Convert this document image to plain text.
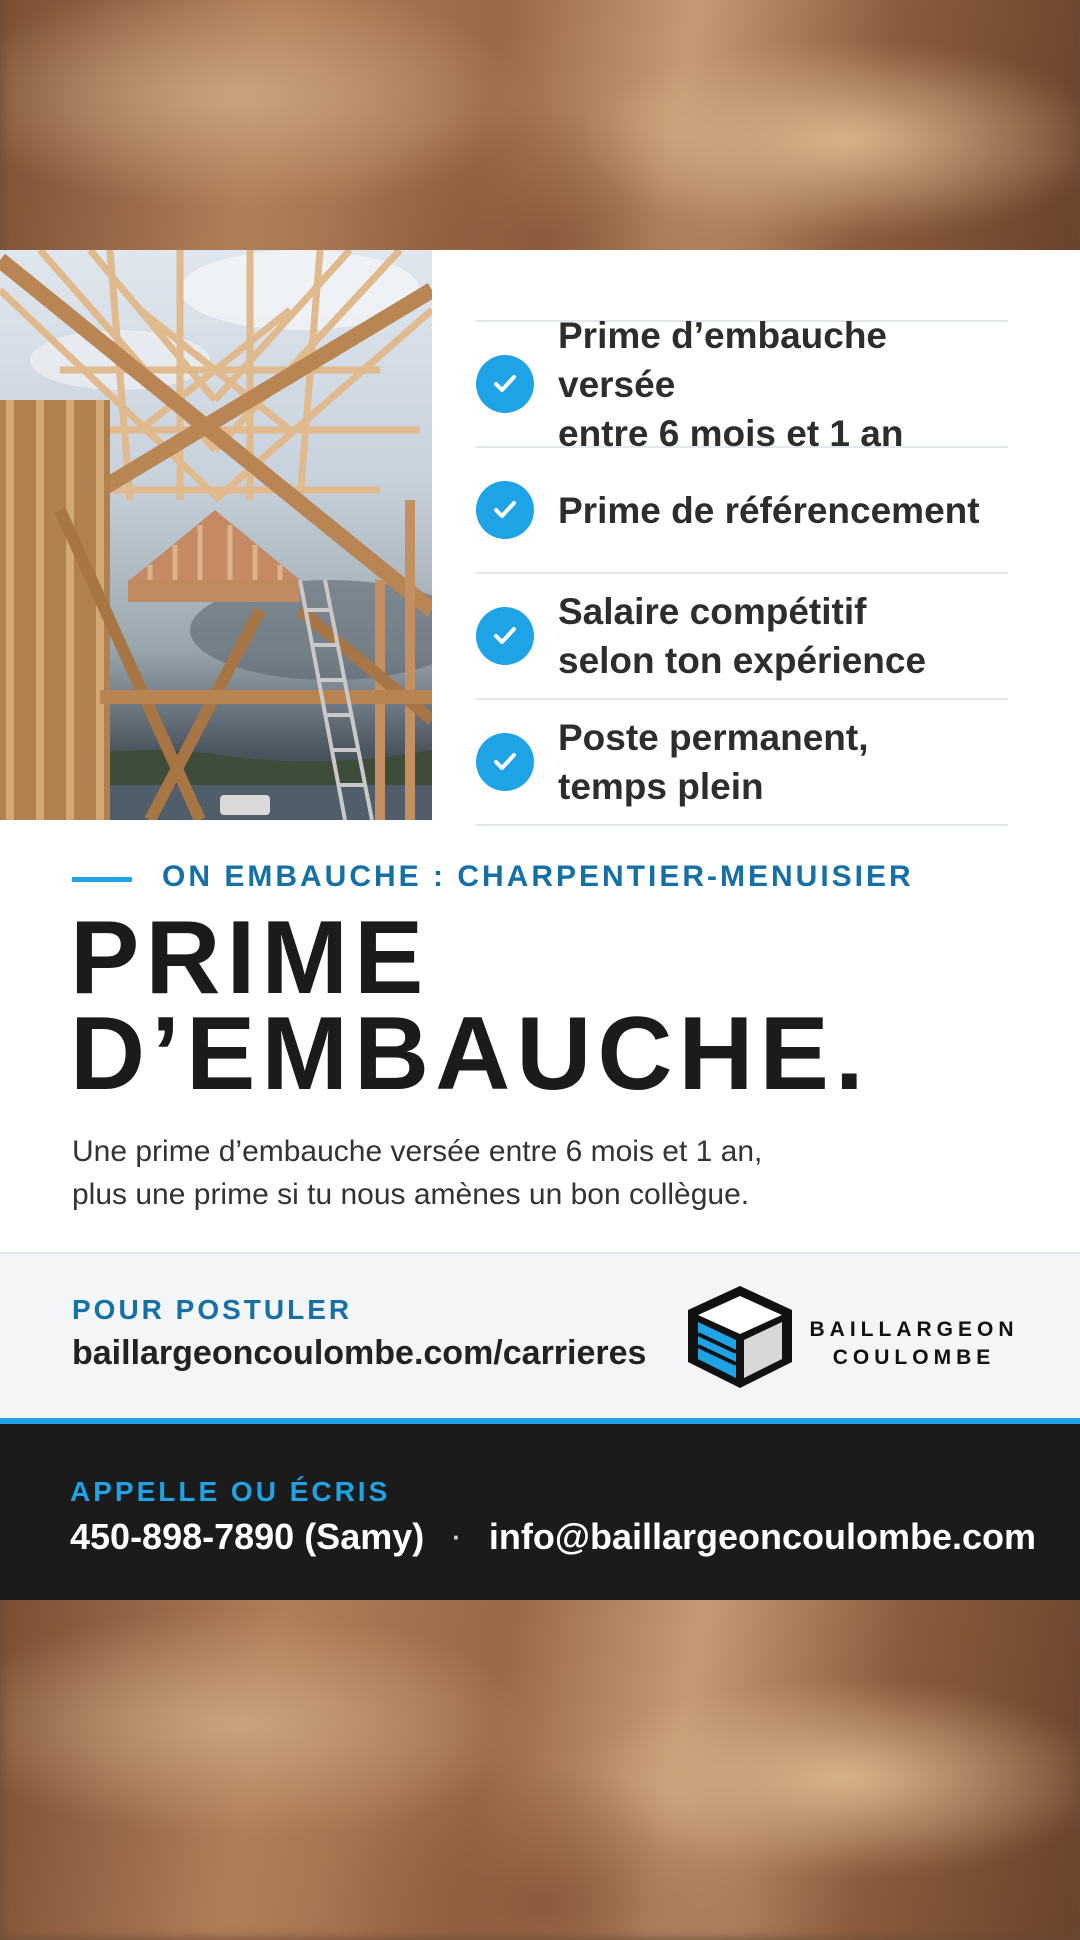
Prime d’embauche versée
entre 6 mois et 1 an
Prime de référencement
Salaire compétitif
selon ton expérience
Poste permanent,
temps plein
ON EMBAUCHE : CHARPENTIER-MENUISIER
PRIME
D’EMBAUCHE.
Une prime d’embauche versée entre 6 mois et 1 an,
plus une prime si tu nous amènes un bon collègue.
POUR POSTULER
baillargeoncoulombe.com/carrieres
BAILLARGEON
COULOMBE
APPELLE OU ÉCRIS
450-898-7890 (Samy) · info@baillargeoncoulombe.com
